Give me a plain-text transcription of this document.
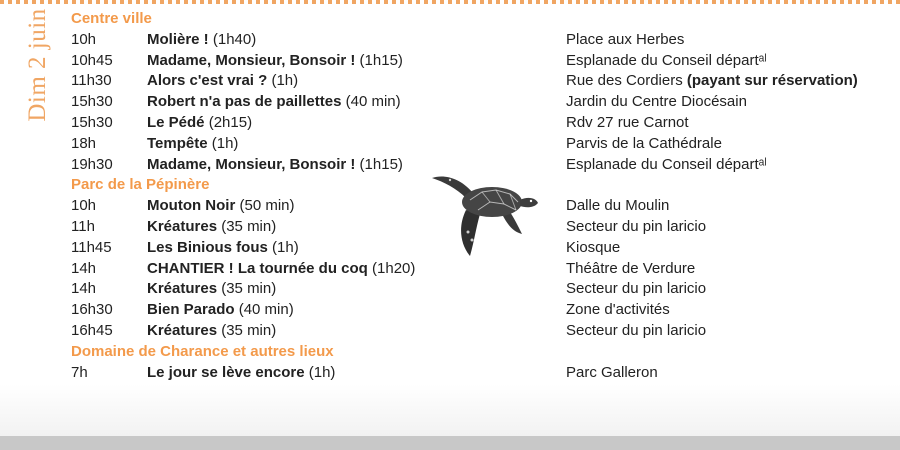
Dim 2 juin Centre ville
10h	Molière ! (1h40)	Place aux Herbes
10h45 Madame, Monsieur, Bonsoir ! (1h15)	Esplanade du Conseil départᵃˡ
11h30 Alors c'est vrai ? (1h)	Rue des Cordiers (payant sur réservation)
15h30 Robert n'a pas de paillettes (40 min)	Jardin du Centre Diocésain
15h30 Le Pédé (2h15)	Rdv 27 rue Carnot
18h	Tempête (1h)	Parvis de la Cathédrale
19h30 Madame, Monsieur, Bonsoir ! (1h15)	Esplanade du Conseil départᵃˡ
Parc de la Pépinère
10h	Mouton Noir (50 min)	Dalle du Moulin
11h	Kréatures (35 min)	Secteur du pin laricio
11h45 Les Binious fous (1h)	Kiosque
14h	CHANTIER ! La tournée du coq (1h20)	Théâtre de Verdure
14h	Kréatures (35 min)	Secteur du pin laricio
16h30 Bien Parado (40 min)	Zone d'activités
16h45 Kréatures (35 min)	Secteur du pin laricio
Domaine de Charance et autres lieux
7h	Le jour se lève encore (1h)	Parc Galleron
